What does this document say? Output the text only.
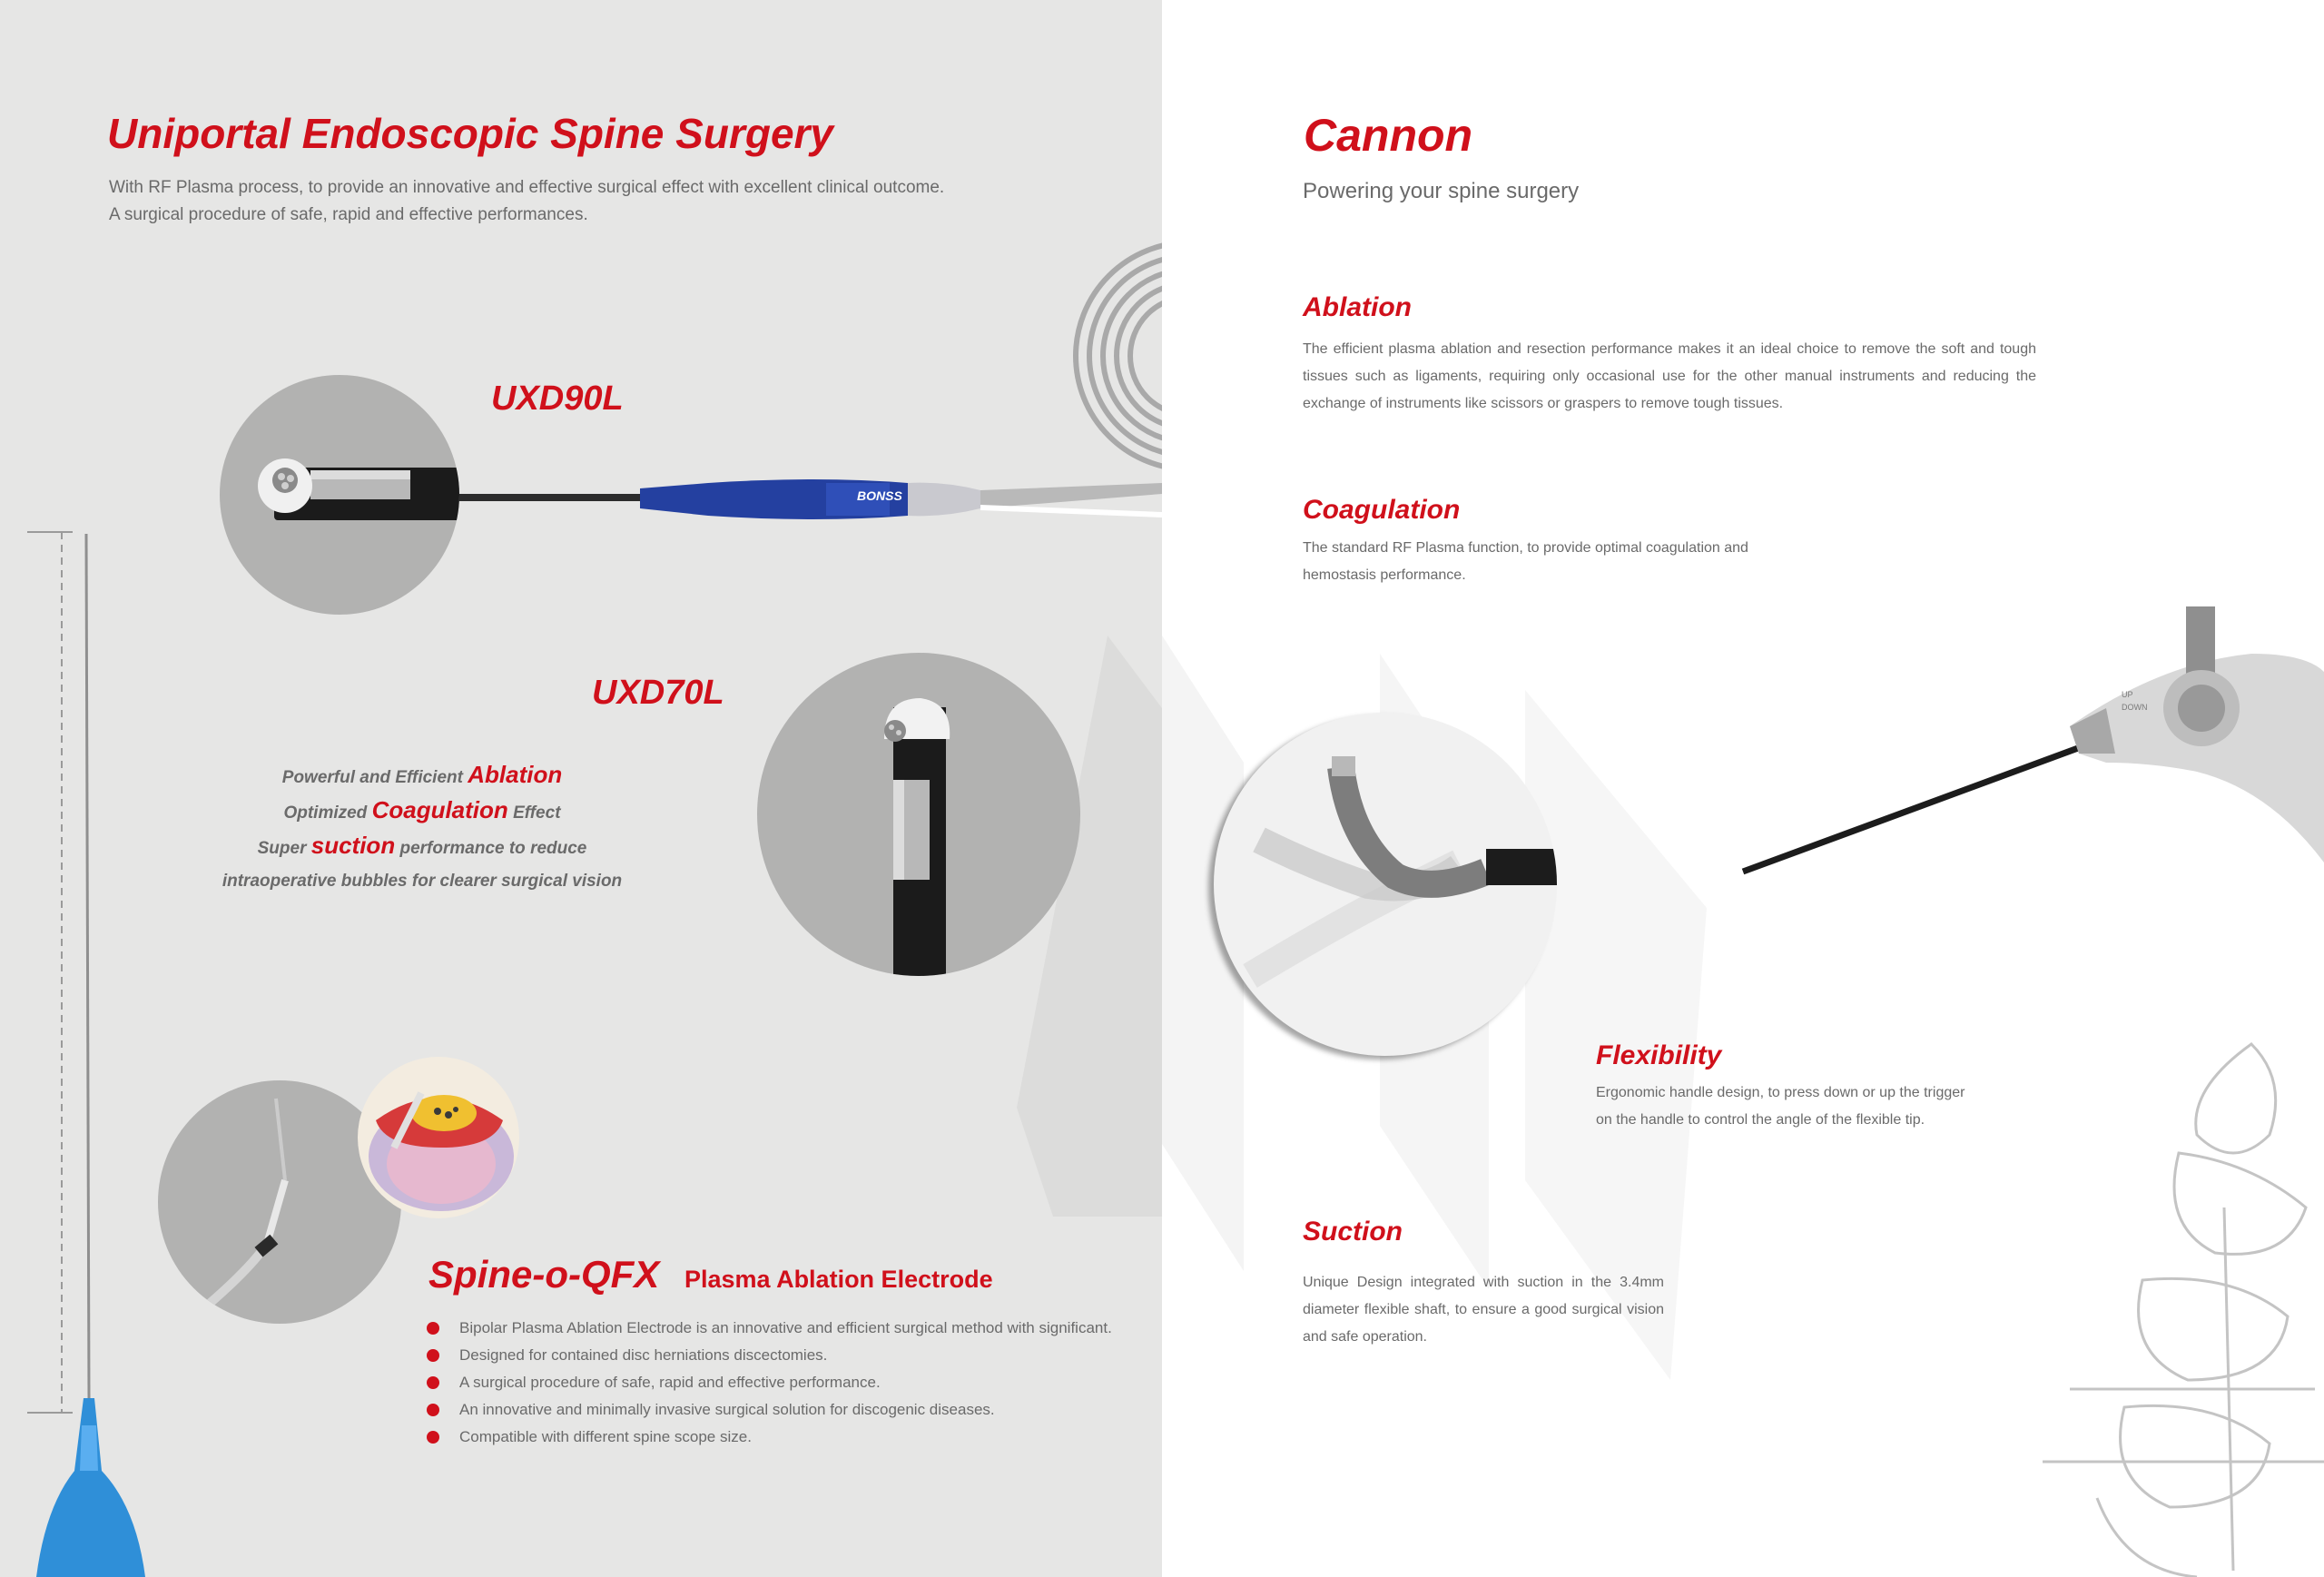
Uniportal Endoscopic Spine Surgery

With RF Plasma process, to provide an innovative and effective surgical effect with excellent clinical outcome.

A surgical procedure of safe, rapid and effective performances.

BONSS
UXD90L
UXD70L
Powerful and Efficient Ablation
Optimized Coagulation Effect
Super suction performance to reduce
intraoperative bubbles for clearer surgical vision
Spine-o-QFX Plasma Ablation Electrode
Bipolar Plasma Ablation Electrode is an innovative and efficient surgical method with significant.
Designed for contained disc herniations discectomies.
A surgical procedure of safe, rapid and effective performance.
An innovative and minimally invasive surgical solution for discogenic diseases.
Compatible with different spine scope size.
Cannon

Powering your spine surgery

Ablation

The efficient plasma ablation and resection performance makes it an ideal choice to remove the soft and tough tissues such as ligaments, requiring only occasional use for the other manual instruments and reducing the exchange of instruments like scissors or graspers to remove tough tissues.

Coagulation

The standard RF Plasma function, to provide optimal coagulation and

hemostasis performance.

UP
DOWN
Flexibility

Ergonomic handle design, to press down or up the trigger

on the handle to control the angle of the flexible tip.

Suction

Unique Design integrated with suction in the 3.4mm diameter flexible shaft, to ensure a good surgical vision and safe operation.
